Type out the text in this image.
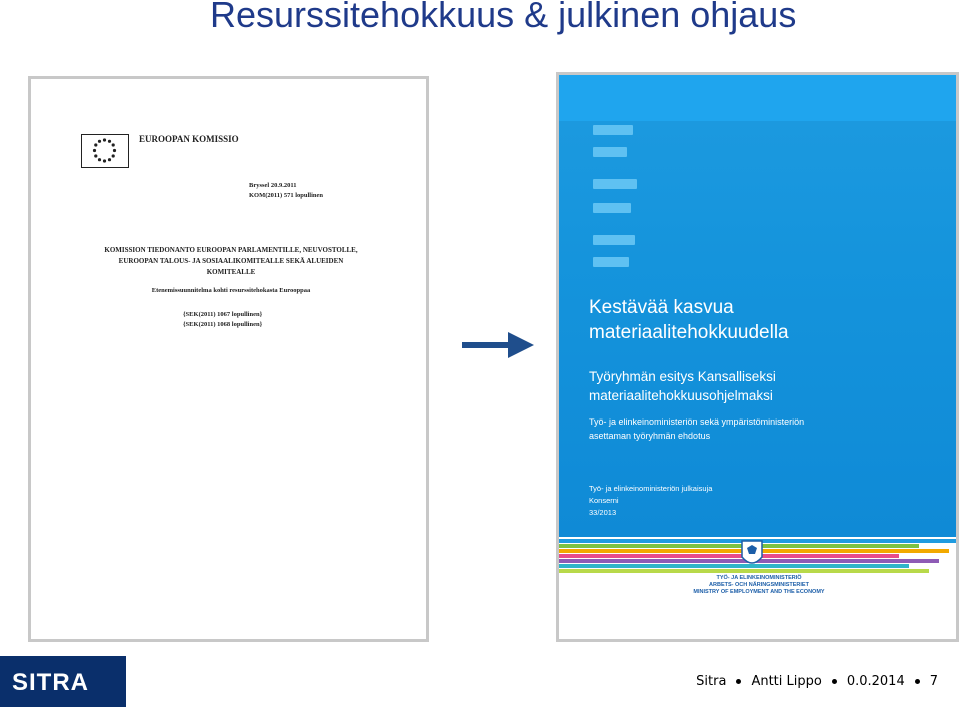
Resurssitehokkuus & julkinen ohjaus
EUROOPAN KOMISSIO
Bryssel 20.9.2011
KOM(2011) 571 lopullinen
KOMISSION TIEDONANTO EUROOPAN PARLAMENTILLE, NEUVOSTOLLE,
EUROOPAN TALOUS- JA SOSIAALIKOMITEALLE SEKÄ ALUEIDEN
KOMITEALLE
Etenemissuunnitelma kohti resurssitehokasta Eurooppaa
{SEK(2011) 1067 lopullinen}
{SEK(2011) 1068 lopullinen}
Kestävää kasvua
materiaalitehokkuudella
Työryhmän esitys Kansalliseksi
materiaalitehokkuusohjelmaksi
Työ- ja elinkeinoministeriön sekä ympäristöministeriön
asettaman työryhmän ehdotus
Työ- ja elinkeinoministeriön julkaisuja
Konserni
33/2013
TYÖ- JA ELINKEINOMINISTERIÖ
ARBETS- OCH NÄRINGSMINISTERIET
MINISTRY OF EMPLOYMENT AND THE ECONOMY
SITRA	Sitra Antti Lippo 0.0.2014 7
